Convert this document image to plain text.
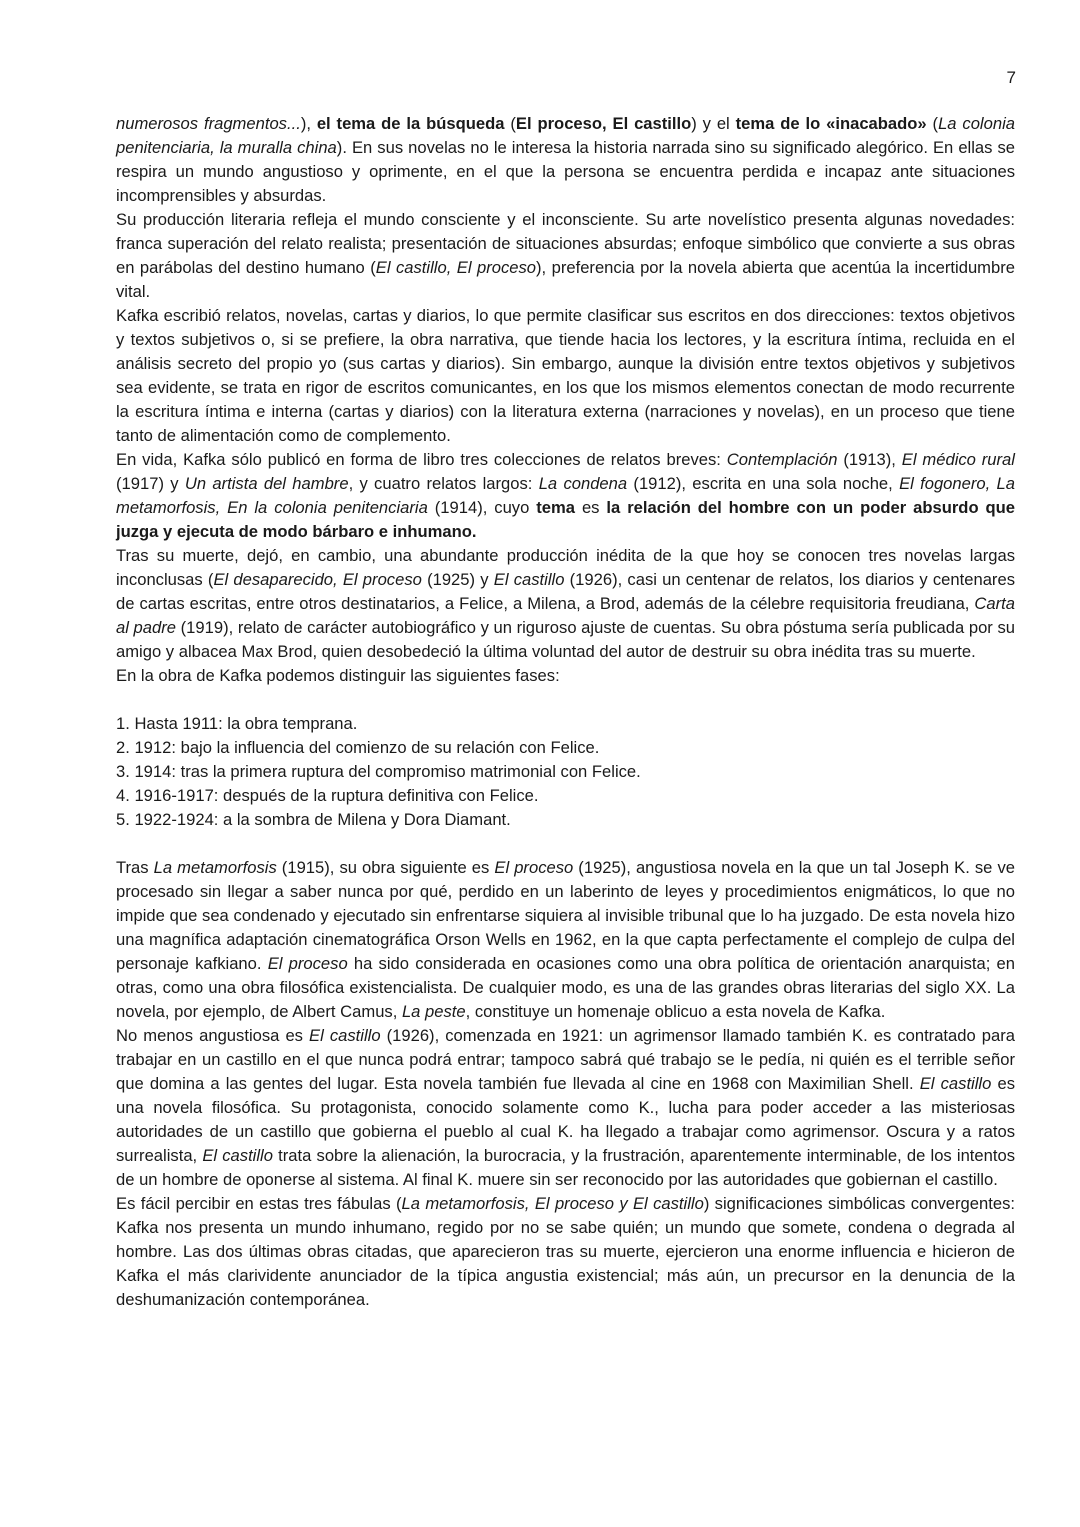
7

numerosos fragmentos...), el tema de la búsqueda (El proceso, El castillo) y el tema de lo «inacabado» (La colonia penitenciaria, la muralla china). En sus novelas no le interesa la historia narrada sino su significado alegórico. En ellas se respira un mundo angustioso y oprimente, en el que la persona se encuentra perdida e incapaz ante situaciones incomprensibles y absurdas.

Su producción literaria refleja el mundo consciente y el inconsciente. Su arte novelístico presenta algunas novedades: franca superación del relato realista; presentación de situaciones absurdas; enfoque simbólico que convierte a sus obras en parábolas del destino humano (El castillo, El proceso), preferencia por la novela abierta que acentúa la incertidumbre vital.

Kafka escribió relatos, novelas, cartas y diarios, lo que permite clasificar sus escritos en dos direcciones: textos objetivos y textos subjetivos o, si se prefiere, la obra narrativa, que tiende hacia los lectores, y la escritura íntima, recluida en el análisis secreto del propio yo (sus cartas y diarios). Sin embargo, aunque la división entre textos objetivos y subjetivos sea evidente, se trata en rigor de escritos comunicantes, en los que los mismos elementos conectan de modo recurrente la escritura íntima e interna (cartas y diarios) con la literatura externa (narraciones y novelas), en un proceso que tiene tanto de alimentación como de complemento.

En vida, Kafka sólo publicó en forma de libro tres colecciones de relatos breves: Contemplación (1913), El médico rural (1917) y Un artista del hambre, y cuatro relatos largos: La condena (1912), escrita en una sola noche, El fogonero, La metamorfosis, En la colonia penitenciaria (1914), cuyo tema es la relación del hombre con un poder absurdo que juzga y ejecuta de modo bárbaro e inhumano.

Tras su muerte, dejó, en cambio, una abundante producción inédita de la que hoy se conocen tres novelas largas inconclusas (El desaparecido, El proceso (1925) y El castillo (1926), casi un centenar de relatos, los diarios y centenares de cartas escritas, entre otros destinatarios, a Felice, a Milena, a Brod, además de la célebre requisitoria freudiana, Carta al padre (1919), relato de carácter autobiográfico y un riguroso ajuste de cuentas. Su obra póstuma sería publicada por su amigo y albacea Max Brod, quien desobedeció la última voluntad del autor de destruir su obra inédita tras su muerte.

En la obra de Kafka podemos distinguir las siguientes fases:

1. Hasta 1911: la obra temprana.
2. 1912: bajo la influencia del comienzo de su relación con Felice.
3. 1914: tras la primera ruptura del compromiso matrimonial con Felice.
4. 1916-1917: después de la ruptura definitiva con Felice.
5. 1922-1924: a la sombra de Milena y Dora Diamant.

Tras La metamorfosis (1915), su obra siguiente es El proceso (1925), angustiosa novela en la que un tal Joseph K. se ve procesado sin llegar a saber nunca por qué, perdido en un laberinto de leyes y procedimientos enigmáticos, lo que no impide que sea condenado y ejecutado sin enfrentarse siquiera al invisible tribunal que lo ha juzgado. De esta novela hizo una magnífica adaptación cinematográfica Orson Wells en 1962, en la que capta perfectamente el complejo de culpa del personaje kafkiano. El proceso ha sido considerada en ocasiones como una obra política de orientación anarquista; en otras, como una obra filosófica existencialista. De cualquier modo, es una de las grandes obras literarias del siglo XX. La novela, por ejemplo, de Albert Camus, La peste, constituye un homenaje oblicuo a esta novela de Kafka.

No menos angustiosa es El castillo (1926), comenzada en 1921: un agrimensor llamado también K. es contratado para trabajar en un castillo en el que nunca podrá entrar; tampoco sabrá qué trabajo se le pedía, ni quién es el terrible señor que domina a las gentes del lugar. Esta novela también fue llevada al cine en 1968 con Maximilian Shell. El castillo es una novela filosófica. Su protagonista, conocido solamente como K., lucha para poder acceder a las misteriosas autoridades de un castillo que gobierna el pueblo al cual K. ha llegado a trabajar como agrimensor. Oscura y a ratos surrealista, El castillo trata sobre la alienación, la burocracia, y la frustración, aparentemente interminable, de los intentos de un hombre de oponerse al sistema. Al final K. muere sin ser reconocido por las autoridades que gobiernan el castillo.

Es fácil percibir en estas tres fábulas (La metamorfosis, El proceso y El castillo) significaciones simbólicas convergentes: Kafka nos presenta un mundo inhumano, regido por no se sabe quién; un mundo que somete, condena o degrada al hombre. Las dos últimas obras citadas, que aparecieron tras su muerte, ejercieron una enorme influencia e hicieron de Kafka el más clarividente anunciador de la típica angustia existencial; más aún, un precursor en la denuncia de la deshumanización contemporánea.
